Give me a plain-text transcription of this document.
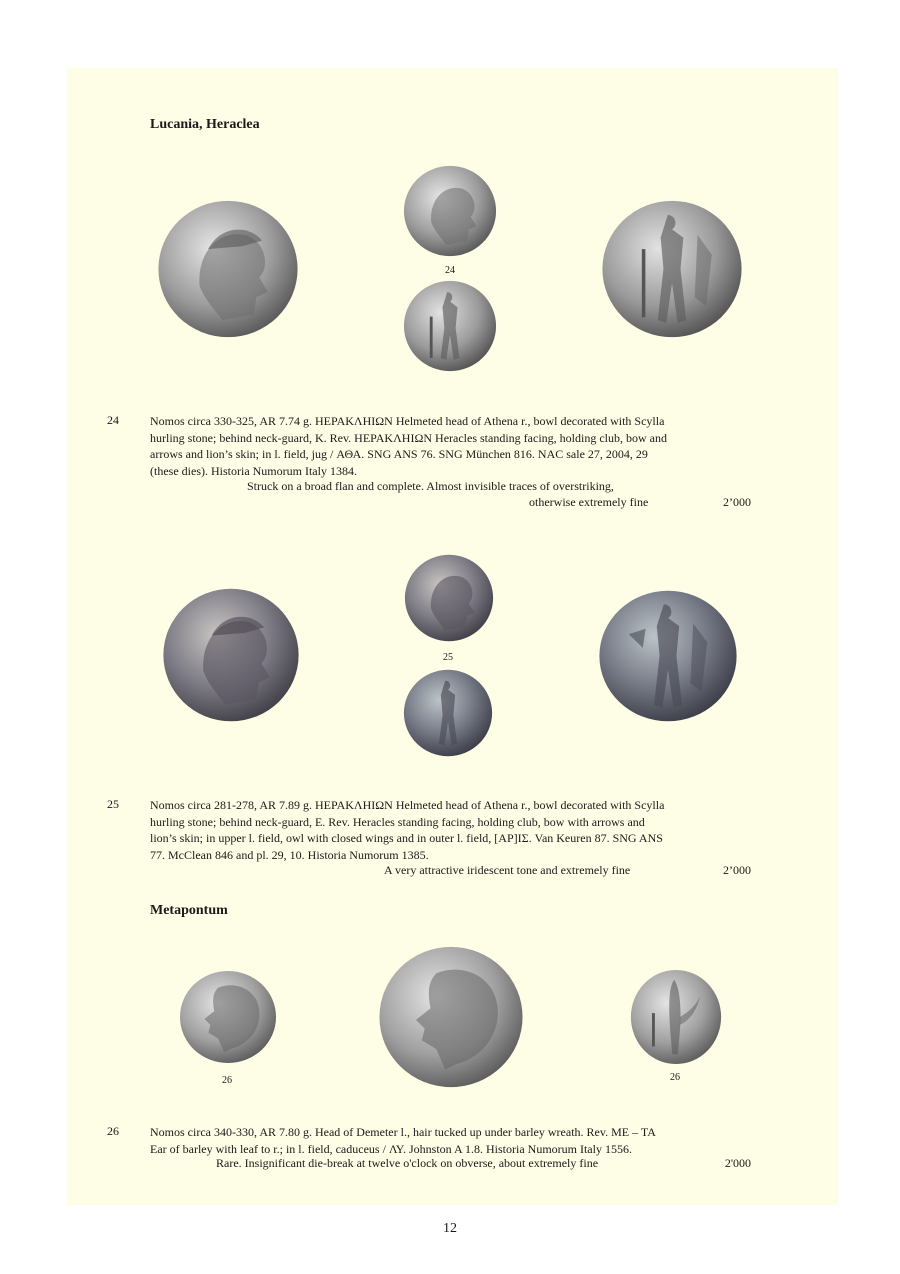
Lucania, Heracleа
24
24	Nomos circa 330-325, AR 7.74 g. ΗΕΡΑΚΛΗΙΩΝ Helmeted head of Athena r., bowl decorated with Scylla
hurling stone; behind neck-guard, K. Rev. ΗΕΡΑΚΛΗΙΩΝ Heracles standing facing, holding club, bow and
arrows and lion’s skin; in l. field, jug / ΑΘΑ. SNG ANS 76. SNG München 816. NAC sale 27, 2004, 29
(these dies). Historia Numorum Italy 1384.
Struck on a broad flan and complete. Almost invisible traces of overstriking,
otherwise extremely fine	2’000
25
25	Nomos circa 281-278, AR 7.89 g. ΗΕΡΑΚΛΗΙΩΝ Helmeted head of Athena r., bowl decorated with Scylla
hurling stone; behind neck-guard, E. Rev. Heracles standing facing, holding club, bow with arrows and
lion’s skin; in upper l. field, owl with closed wings and in outer l. field, [ΑΡ]ΙΣ. Van Keuren 87. SNG ANS
77. McClean 846 and pl. 29, 10. Historia Numorum 1385.
A very attractive iridescent tone and extremely fine	2’000
Metapontum
26	26
26	Nomos circa 340-330, AR 7.80 g. Head of Demeter l., hair tucked up under barley wreath. Rev. ΜΕ – ΤΑ
Ear of barley with leaf to r.; in l. field, caduceus / ΛΥ. Johnston A 1.8. Historia Numorum Italy 1556.
Rare. Insignificant die-break at twelve o'clock on obverse, about extremely fine	2'000
12
